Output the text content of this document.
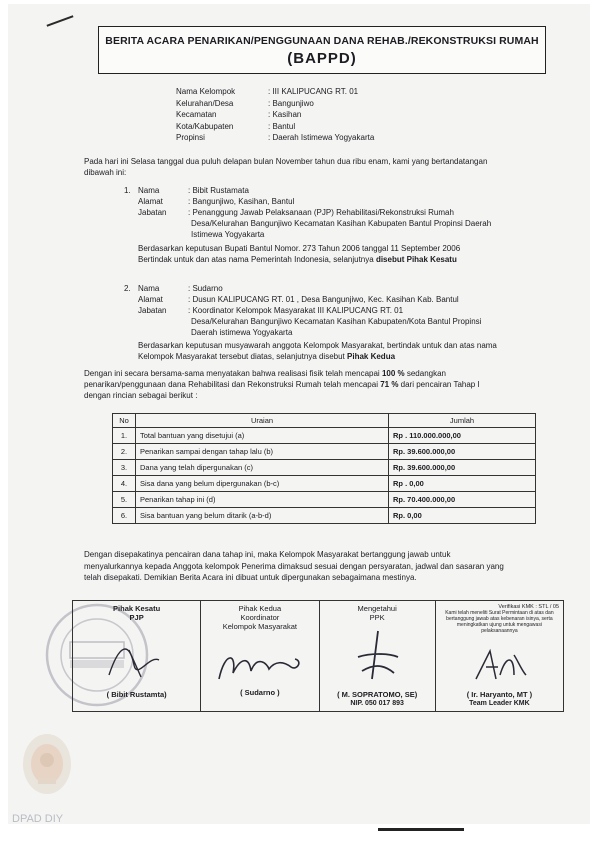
BERITA ACARA PENARIKAN/PENGGUNAAN DANA REHAB./REKONSTRUKSI RUMAH
(BAPPD)
Nama Kelompok	: III KALIPUCANG RT. 01
Kelurahan/Desa	: Bangunjiwo
Kecamatan	: Kasihan
Kota/Kabupaten	: Bantul
Propinsi	: Daerah Istimewa Yogyakarta
Pada hari ini Selasa tanggal dua puluh delapan bulan November tahun dua ribu enam, kami yang bertandatangan
dibawah ini:
1. Nama	: Bibit Rustamata
Alamat	: Bangunjiwo, Kasihan, Bantul
Jabatan	: Penanggung Jawab Pelaksanaan (PJP) Rehabilitasi/Rekonstruksi Rumah
Desa/Kelurahan Bangunjiwo Kecamatan Kasihan Kabupaten Bantul Propinsi Daerah
Istimewa Yogyakarta
Berdasarkan keputusan Bupati Bantul Nomor. 273 Tahun 2006 tanggal 11 September 2006
Bertindak untuk dan atas nama Pemerintah Indonesia, selanjutnya disebut Pihak Kesatu
2. Nama	: Sudarno
Alamat	: Dusun KALIPUCANG RT. 01 , Desa Bangunjiwo, Kec. Kasihan Kab. Bantul
Jabatan	: Koordinator Kelompok Masyarakat III KALIPUCANG RT. 01
Desa/Kelurahan Bangunjiwo Kecamatan Kasihan Kabupaten/Kota Bantul Propinsi
Daerah istimewa Yogyakarta
Berdasarkan keputusan musyawarah anggota Kelompok Masyarakat, bertindak untuk dan atas nama
Kelompok Masyarakat tersebut diatas, selanjutnya disebut Pihak Kedua
Dengan ini secara bersama-sama menyatakan bahwa realisasi fisik telah mencapai 100 % sedangkan
penarikan/penggunaan dana Rehabilitasi dan Rekonstruksi Rumah telah mencapai 71 % dari pencairan Tahap I
dengan rincian sebagai berikut :
No	Uraian	Jumlah
1.	Total bantuan yang disetujui (a)	Rp . 110.000.000,00
2.	Penarikan sampai dengan tahap lalu (b)	Rp. 39.600.000,00
3.	Dana yang telah dipergunakan (c)	Rp. 39.600.000,00
4.	Sisa dana yang belum dipergunakan (b-c)	Rp . 0,00
5.	Penarikan tahap ini (d)	Rp. 70.400.000,00
6.	Sisa bantuan yang belum ditarik (a-b-d)	Rp. 0,00
Dengan disepakatinya pencairan dana tahap ini, maka Kelompok Masyarakat bertanggung jawab untuk
menyalurkannya kepada Anggota kelompok Penerima dimaksud sesuai dengan persyaratan, jadwal dan sasaran yang
telah disepakati. Demikian Berita Acara ini dibuat untuk dipergunakan sebagaimana mestinya.
Pihak Kesatu
PJP
( Bibit Rustamta)
Pihak Kedua
Koordinator
Kelompok Masyarakat
( Sudarno )
Mengetahui
PPK
( M. SOPRATOMO, SE)
NIP. 050 017 893
Verifikasi KMK : STL / 05
Kami telah meneliti Surat Permintaan di atas dan bertanggung jawab atas kebenaran isinya, serta meningkatkan ujung untuk mengawasi pelaksanaannya
( Ir. Haryanto, MT )
Team Leader KMK
DPAD DIY
